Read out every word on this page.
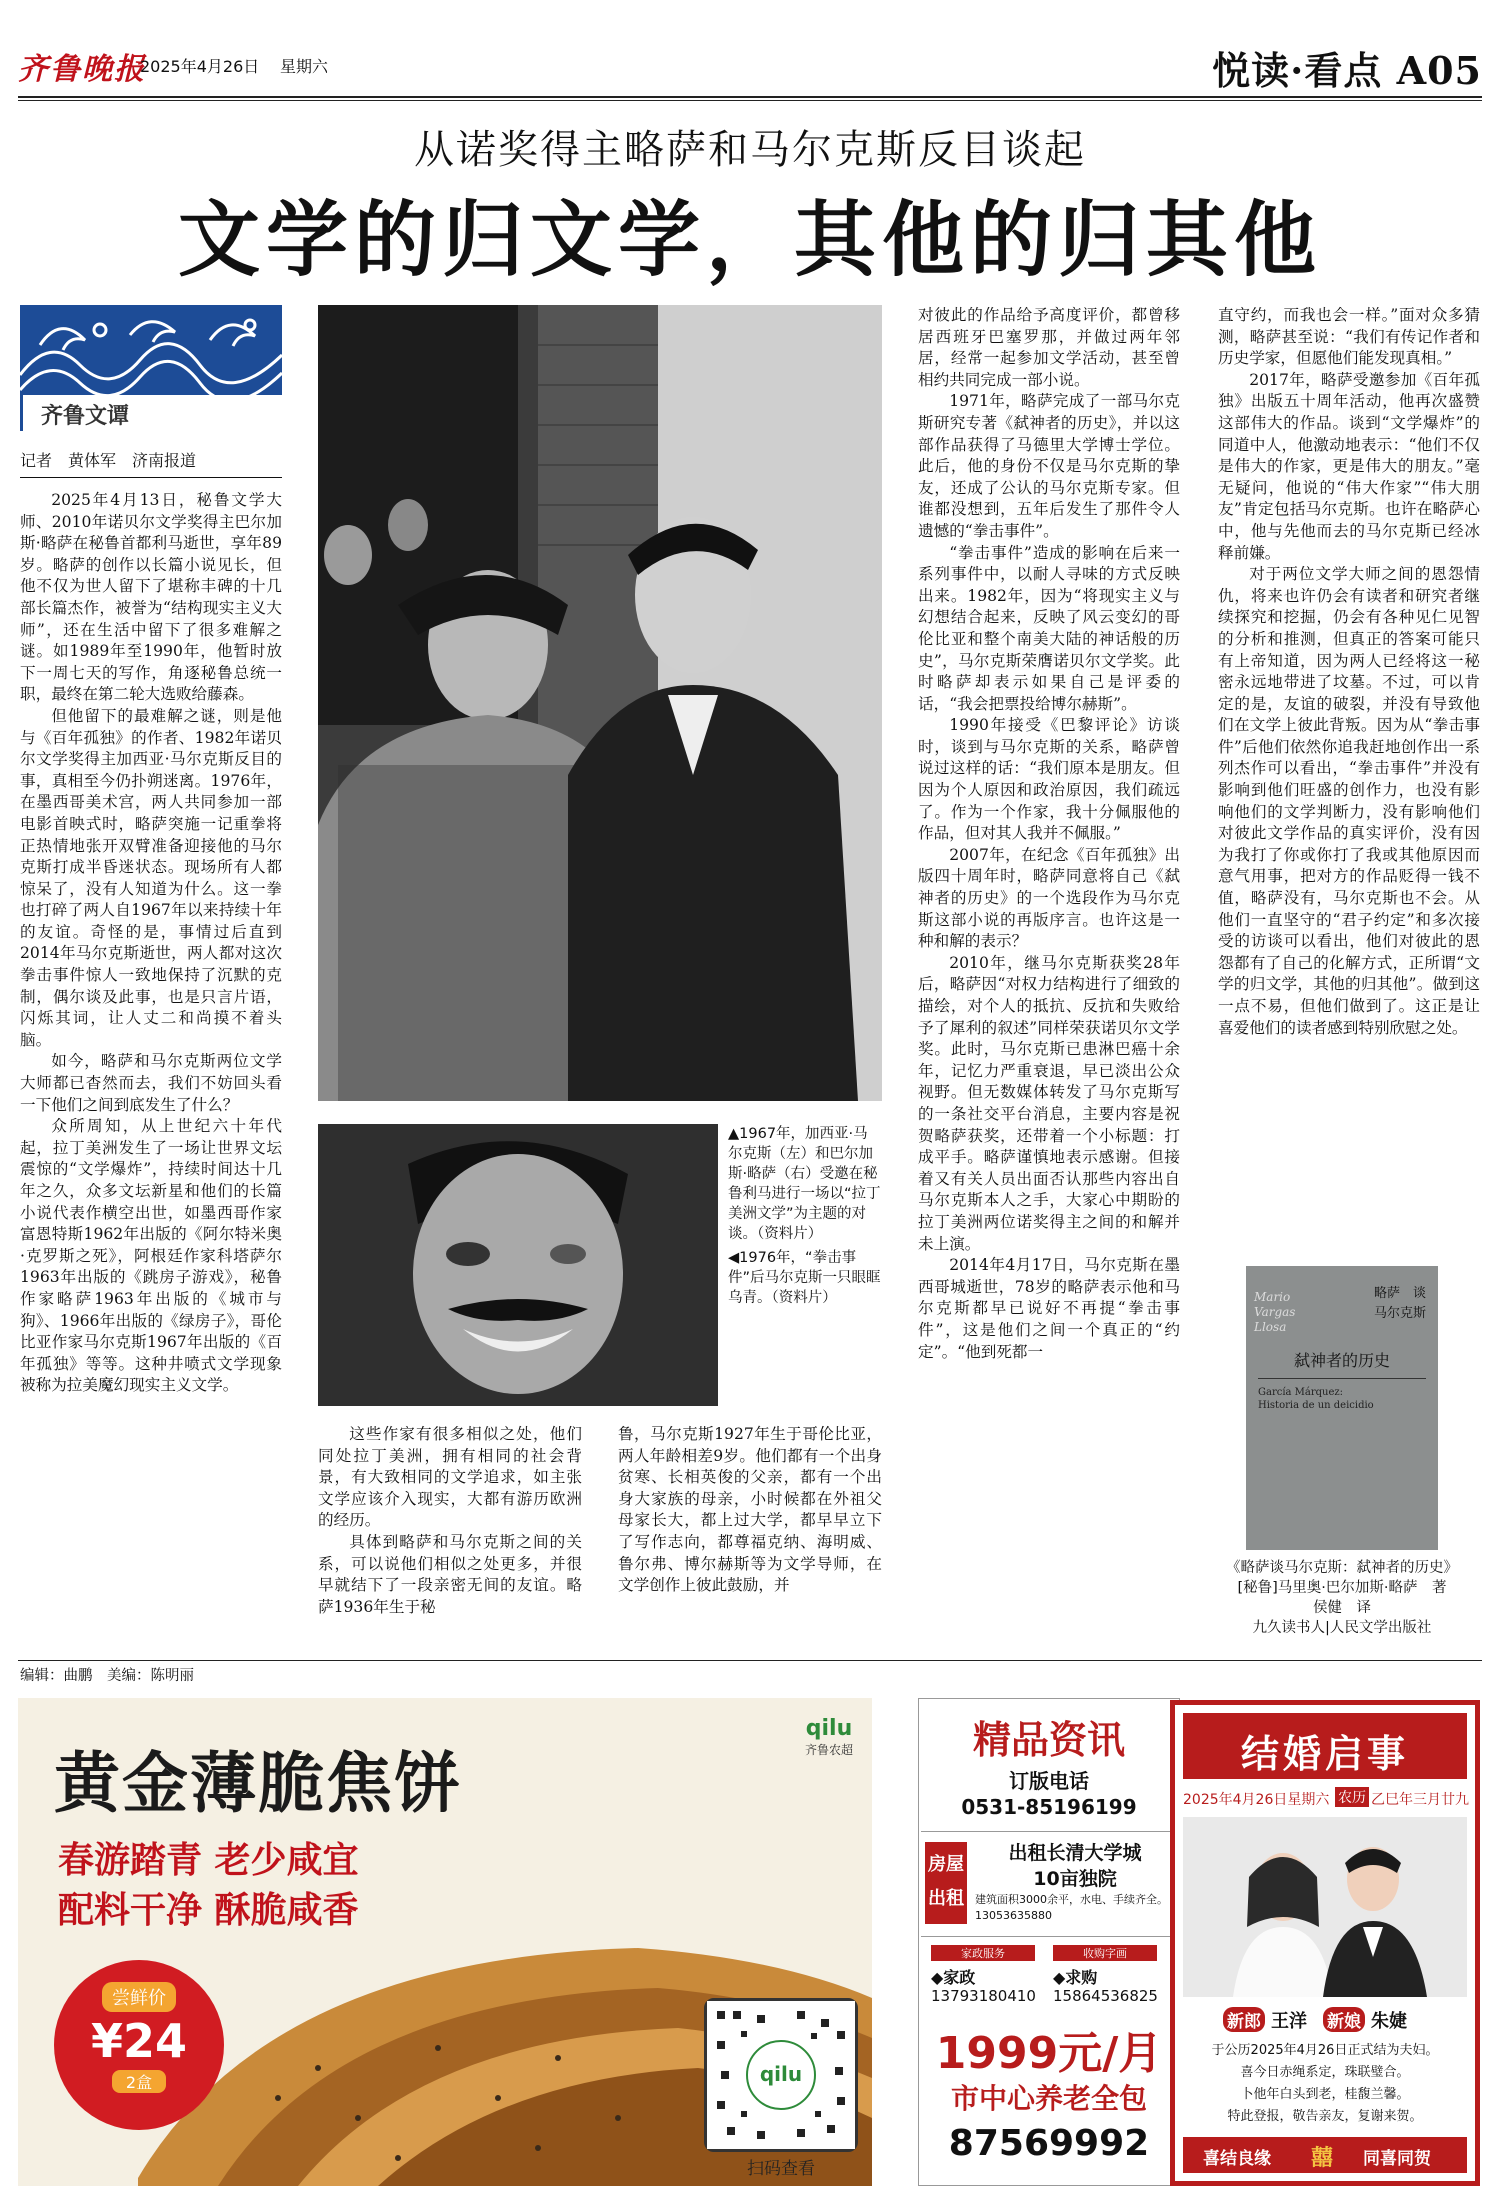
齐鲁晚报
2025年4月26日 星期六	悦读·看点 A05
从诺奖得主略萨和马尔克斯反目谈起
文学的归文学，其他的归其他
齐鲁文谭
记者　黄体军　济南报道

2025年4月13日，秘鲁文学大师、2010年诺贝尔文学奖得主巴尔加斯·略萨在秘鲁首都利马逝世，享年89岁。略萨的创作以长篇小说见长，但他不仅为世人留下了堪称丰碑的十几部长篇杰作，被誉为“结构现实主义大师”，还在生活中留下了很多难解之谜。如1989年至1990年，他暂时放下一周七天的写作，角逐秘鲁总统一职，最终在第二轮大选败给藤森。

但他留下的最难解之谜，则是他与《百年孤独》的作者、1982年诺贝尔文学奖得主加西亚·马尔克斯反目的事，真相至今仍扑朔迷离。1976年，在墨西哥美术宫，两人共同参加一部电影首映式时，略萨突施一记重拳将正热情地张开双臂准备迎接他的马尔克斯打成半昏迷状态。现场所有人都惊呆了，没有人知道为什么。这一拳也打碎了两人自1967年以来持续十年的友谊。奇怪的是，事情过后直到2014年马尔克斯逝世，两人都对这次拳击事件惊人一致地保持了沉默的克制，偶尔谈及此事，也是只言片语，闪烁其词，让人丈二和尚摸不着头脑。

如今，略萨和马尔克斯两位文学大师都已杳然而去，我们不妨回头看一下他们之间到底发生了什么？

众所周知，从上世纪六十年代起，拉丁美洲发生了一场让世界文坛震惊的“文学爆炸”，持续时间达十几年之久，众多文坛新星和他们的长篇小说代表作横空出世，如墨西哥作家富恩特斯1962年出版的《阿尔特米奥·克罗斯之死》，阿根廷作家科塔萨尔1963年出版的《跳房子游戏》，秘鲁作家略萨1963年出版的《城市与狗》、1966年出版的《绿房子》，哥伦比亚作家马尔克斯1967年出版的《百年孤独》等等。这种井喷式文学现象被称为拉美魔幻现实主义文学。

这些作家有很多相似之处，他们同处拉丁美洲，拥有相同的社会背景，有大致相同的文学追求，如主张文学应该介入现实，大都有游历欧洲的经历。

具体到略萨和马尔克斯之间的关系，可以说他们相似之处更多，并很早就结下了一段亲密无间的友谊。略萨1936年生于秘

鲁，马尔克斯1927年生于哥伦比亚，两人年龄相差9岁。他们都有一个出身贫寒、长相英俊的父亲，都有一个出身大家族的母亲，小时候都在外祖父母家长大，都上过大学，都早早立下了写作志向，都尊福克纳、海明威、鲁尔弗、博尔赫斯等为文学导师，在文学创作上彼此鼓励，并

对彼此的作品给予高度评价，都曾移居西班牙巴塞罗那，并做过两年邻居，经常一起参加文学活动，甚至曾相约共同完成一部小说。

1971年，略萨完成了一部马尔克斯研究专著《弑神者的历史》，并以这部作品获得了马德里大学博士学位。此后，他的身份不仅是马尔克斯的挚友，还成了公认的马尔克斯专家。但谁都没想到，五年后发生了那件令人遗憾的“拳击事件”。

“拳击事件”造成的影响在后来一系列事件中，以耐人寻味的方式反映出来。1982年，因为“将现实主义与幻想结合起来，反映了风云变幻的哥伦比亚和整个南美大陆的神话般的历史”，马尔克斯荣膺诺贝尔文学奖。此时略萨却表示如果自己是评委的话，“我会把票投给博尔赫斯”。

1990年接受《巴黎评论》访谈时，谈到与马尔克斯的关系，略萨曾说过这样的话：“我们原本是朋友。但因为个人原因和政治原因，我们疏远了。作为一个作家，我十分佩服他的作品，但对其人我并不佩服。”

2007年，在纪念《百年孤独》出版四十周年时，略萨同意将自己《弑神者的历史》的一个选段作为马尔克斯这部小说的再版序言。也许这是一种和解的表示？

2010年，继马尔克斯获奖28年后，略萨因“对权力结构进行了细致的描绘，对个人的抵抗、反抗和失败给予了犀利的叙述”同样荣获诺贝尔文学奖。此时，马尔克斯已患淋巴癌十余年，记忆力严重衰退，早已淡出公众视野。但无数媒体转发了马尔克斯写的一条社交平台消息，主要内容是祝贺略萨获奖，还带着一个小标题：打成平手。略萨谨慎地表示感谢。但接着又有关人员出面否认那些内容出自马尔克斯本人之手，大家心中期盼的拉丁美洲两位诺奖得主之间的和解并未上演。

2014年4月17日，马尔克斯在墨西哥城逝世，78岁的略萨表示他和马尔克斯都早已说好不再提“拳击事件”，这是他们之间一个真正的“约定”。“他到死都一

直守约，而我也会一样。”面对众多猜测，略萨甚至说：“我们有传记作者和历史学家，但愿他们能发现真相。”

2017年，略萨受邀参加《百年孤独》出版五十周年活动，他再次盛赞这部伟大的作品。谈到“文学爆炸”的同道中人，他激动地表示：“他们不仅是伟大的作家，更是伟大的朋友。”毫无疑问，他说的“伟大作家”“伟大朋友”肯定包括马尔克斯。也许在略萨心中，他与先他而去的马尔克斯已经冰释前嫌。

对于两位文学大师之间的恩怨情仇，将来也许仍会有读者和研究者继续探究和挖掘，仍会有各种见仁见智的分析和推测，但真正的答案可能只有上帝知道，因为两人已经将这一秘密永远地带进了坟墓。不过，可以肯定的是，友谊的破裂，并没有导致他们在文学上彼此背叛。因为从“拳击事件”后他们依然你追我赶地创作出一系列杰作可以看出，“拳击事件”并没有影响到他们旺盛的创作力，也没有影响他们的文学判断力，没有影响他们对彼此文学作品的真实评价，没有因为我打了你或你打了我或其他原因而意气用事，把对方的作品贬得一钱不值，略萨没有，马尔克斯也不会。从他们一直坚守的“君子约定”和多次接受的访谈可以看出，他们对彼此的恩怨都有了自己的化解方式，正所谓“文学的归文学，其他的归其他”。做到这一点不易，但他们做到了。这正是让喜爱他们的读者感到特别欣慰之处。

▲1967年，加西亚·马尔克斯（左）和巴尔加斯·略萨（右）受邀在秘鲁利马进行一场以“拉丁美洲文学”为主题的对谈。（资料片）

◀1976年，“拳击事件”后马尔克斯一只眼眶乌青。（资料片）	Mario
Vargas
Llosa
略萨　谈
马尔克斯
弑神者的历史
García Márquez:
Historia de un deicidio
《略萨谈马尔克斯：弑神者的历史》
[秘鲁]马里奥·巴尔加斯·略萨　著
侯健　译
九久读书人|人民文学出版社
编辑：曲鹏　美编：陈明丽
黄金薄脆焦饼
春游踏青 老少咸宜
配料干净 酥脆咸香
qilu
齐鲁农超
尝鲜价
¥24
2盒	qilu
扫码查看
精品资讯
订版电话
0531-85196199
房屋出租
出租长清大学城
10亩独院
建筑面积3000余平，水电、手续齐全。13053635880
家政服务	收购字画
◆家政
13793180410
◆求购
15864536825
1999元/月
市中心养老全包
87569992
结婚启事
2025年4月26日星期六 农历 乙巳年三月廿九
新郎 王洋 新娘 朱婕
于公历2025年4月26日正式结为夫妇。
喜今日赤绳系定，珠联璧合。
卜他年白头到老，桂馥兰馨。
特此登报，敬告亲友，复谢来贺。
喜结良缘 囍 同喜同贺
